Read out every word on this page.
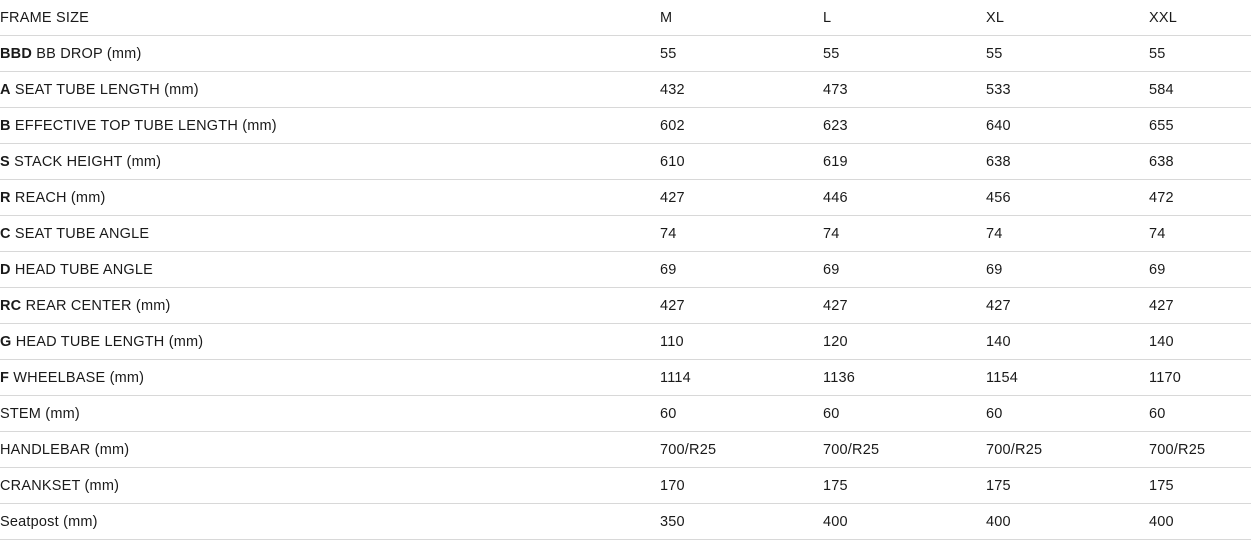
FRAME SIZE	M	L	XL	XXL
BBD BB DROP (mm)	55	55	55	55
A SEAT TUBE LENGTH (mm)	432	473	533	584
B EFFECTIVE TOP TUBE LENGTH (mm)	602	623	640	655
S STACK HEIGHT (mm)	610	619	638	638
R REACH (mm)	427	446	456	472
C SEAT TUBE ANGLE	74	74	74	74
D HEAD TUBE ANGLE	69	69	69	69
RC REAR CENTER (mm)	427	427	427	427
G HEAD TUBE LENGTH (mm)	110	120	140	140
F WHEELBASE (mm)	1114	1136	1154	1170
STEM (mm)	60	60	60	60
HANDLEBAR (mm)	700/R25	700/R25	700/R25	700/R25
CRANKSET (mm)	170	175	175	175
Seatpost (mm)	350	400	400	400
